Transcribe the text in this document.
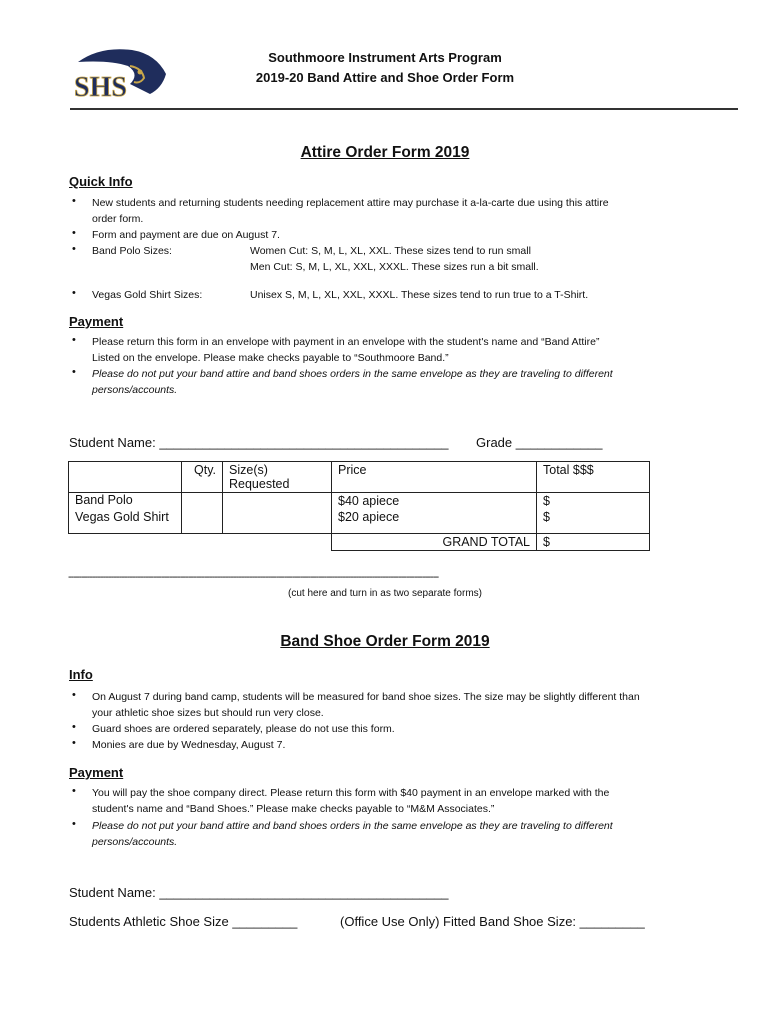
SHS
Southmoore Instrument Arts Program
2019-20 Band Attire and Shoe Order Form
Attire Order Form 2019
Quick Info
• New students and returning students needing replacement attire may purchase it a-la-carte due using this attire
order form.
• Form and payment are due on August 7.
• Band Polo Sizes:	Women Cut: S, M, L, XL, XXL. These sizes tend to run small
Men Cut: S, M, L, XL, XXL, XXXL. These sizes run a bit small.
• Vegas Gold Shirt Sizes:	Unisex S, M, L, XL, XXL, XXXL. These sizes tend to run true to a T-Shirt.
Payment
• Please return this form in an envelope with payment in an envelope with the student's name and “Band Attire”
Listed on the envelope. Please make checks payable to “Southmoore Band.”
• Please do not put your band attire and band shoes orders in the same envelope as they are traveling to different
persons/accounts.
Student Name: ________________________________________ Grade ____________
	Qty.	Size(s) Requested	Price	Total $$$
Band Polo			$40 apiece	$
Vegas Gold Shirt			$20 apiece	$
			GRAND TOTAL	$
-------------------------------------------------------------------------------------------------------------------------------------------
(cut here and turn in as two separate forms)
Band Shoe Order Form 2019
Info
• On August 7 during band camp, students will be measured for band shoe sizes. The size may be slightly different than
your athletic shoe sizes but should run very close.
• Guard shoes are ordered separately, please do not use this form.
• Monies are due by Wednesday, August 7.
Payment
• You will pay the shoe company direct. Please return this form with $40 payment in an envelope marked with the
student's name and “Band Shoes.” Please make checks payable to “M&M Associates.”
• Please do not put your band attire and band shoes orders in the same envelope as they are traveling to different
persons/accounts.
Student Name: ________________________________________
Students Athletic Shoe Size _________	(Office Use Only) Fitted Band Shoe Size: _________
